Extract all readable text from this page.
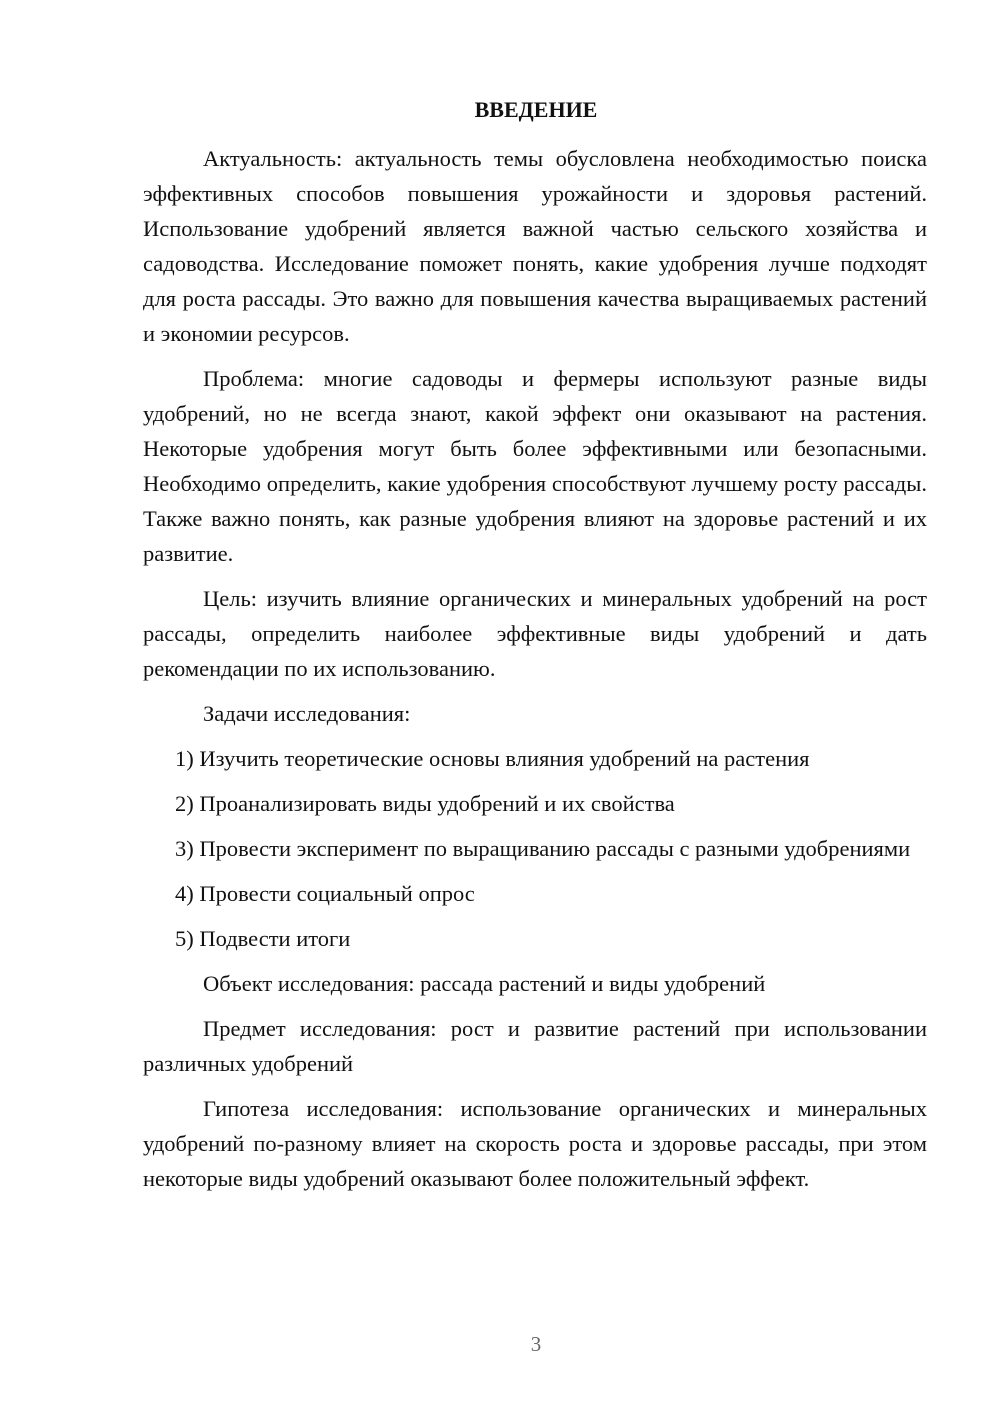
ВВЕДЕНИЕ

Актуальность: актуальность темы обусловлена необходимостью поиска эффективных способов повышения урожайности и здоровья растений. Использование удобрений является важной частью сельского хозяйства и садоводства. Исследование поможет понять, какие удобрения лучше подходят для роста рассады. Это важно для повышения качества выращиваемых растений и экономии ресурсов.

Проблема: многие садоводы и фермеры используют разные виды удобрений, но не всегда знают, какой эффект они оказывают на растения. Некоторые удобрения могут быть более эффективными или безопасными. Необходимо определить, какие удобрения способствуют лучшему росту рассады. Также важно понять, как разные удобрения влияют на здоровье растений и их развитие.

Цель: изучить влияние органических и минеральных удобрений на рост рассады, определить наиболее эффективные виды удобрений и дать рекомендации по их использованию.

Задачи исследования:

1) Изучить теоретические основы влияния удобрений на растения

2) Проанализировать виды удобрений и их свойства

3) Провести эксперимент по выращиванию рассады с разными удобрениями

4) Провести социальный опрос

5) Подвести итоги

Объект исследования: рассада растений и виды удобрений

Предмет исследования: рост и развитие растений при использовании различных удобрений

Гипотеза исследования: использование органических и минеральных удобрений по-разному влияет на скорость роста и здоровье рассады, при этом некоторые виды удобрений оказывают более положительный эффект.

3
